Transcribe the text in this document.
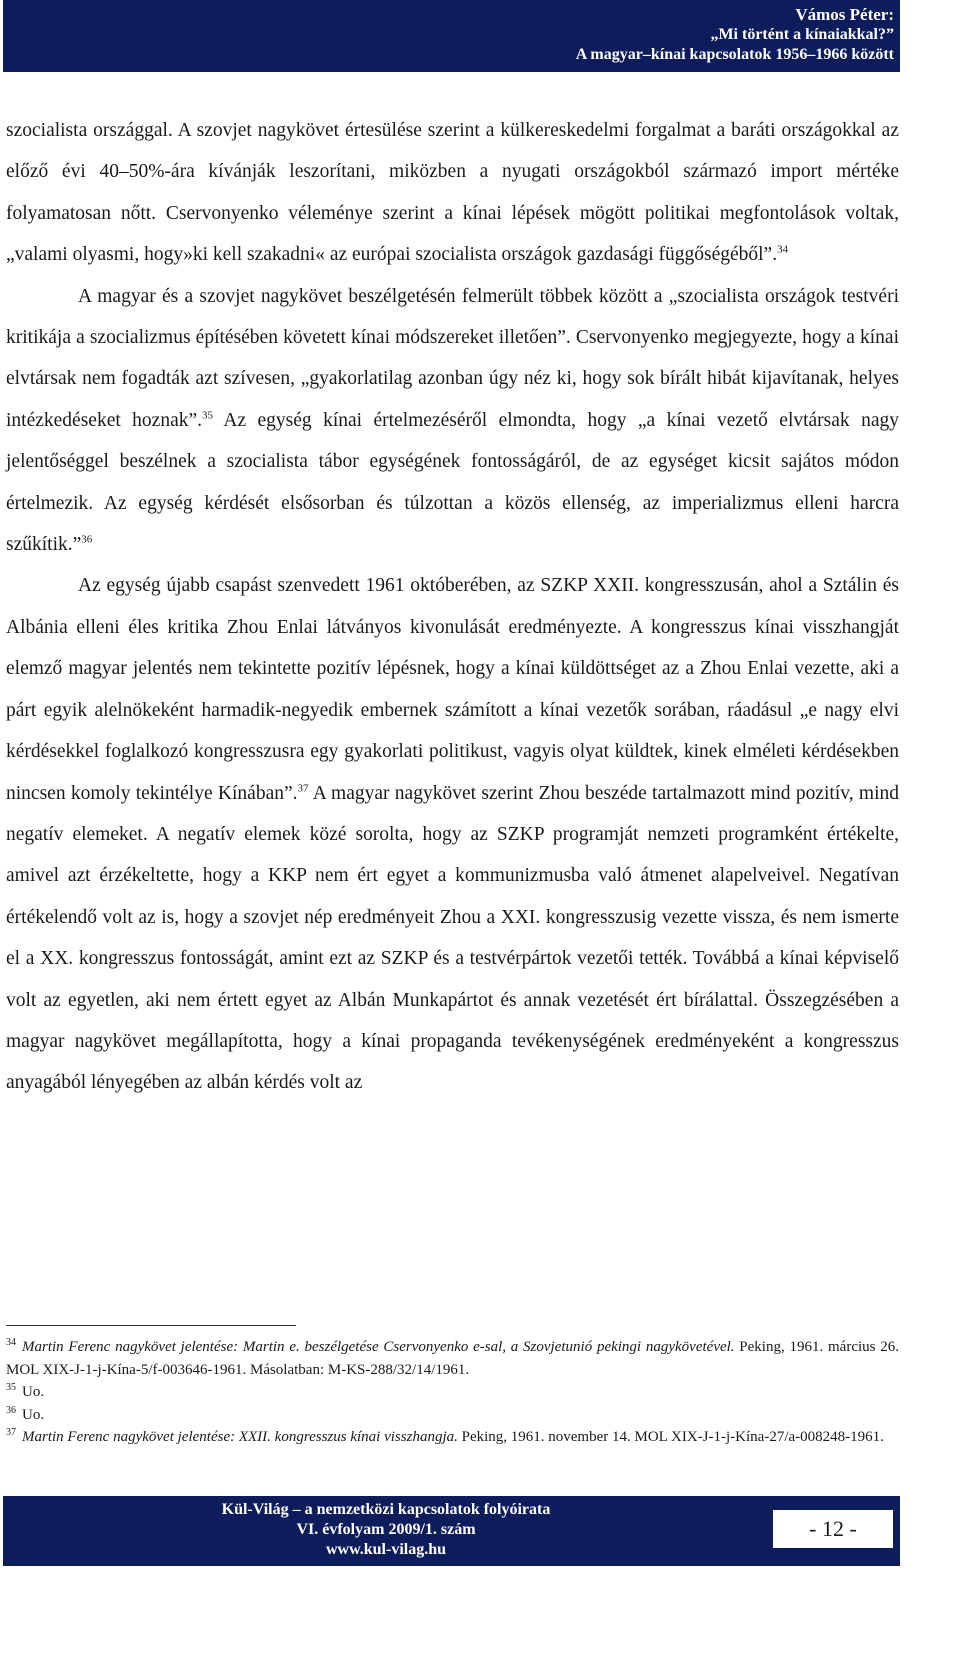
Vámos Péter:
„Mi történt a kínaiakkal?”
A magyar–kínai kapcsolatok 1956–1966 között

szocialista országgal. A szovjet nagykövet értesülése szerint a külkereskedelmi forgalmat a baráti országokkal az előző évi 40–50%-ára kívánják leszorítani, miközben a nyugati országokból származó import mértéke folyamatosan nőtt. Cservonyenko véleménye szerint a kínai lépések mögött politikai megfontolások voltak, „valami olyasmi, hogy»ki kell szakadni« az európai szocialista országok gazdasági függőségéből”.$^{34}$

A magyar és a szovjet nagykövet beszélgetésén felmerült többek között a „szocialista országok testvéri kritikája a szocializmus építésében követett kínai módszereket illetően”. Cservonyenko megjegyezte, hogy a kínai elvtársak nem fogadták azt szívesen, „gyakorlatilag azonban úgy néz ki, hogy sok bírált hibát kijavítanak, helyes intézkedéseket hoznak”.$^{35}$ Az egység kínai értelmezéséről elmondta, hogy „a kínai vezető elvtársak nagy jelentőséggel beszélnek a szocialista tábor egységének fontosságáról, de az egységet kicsit sajátos módon értelmezik. Az egység kérdését elsősorban és túlzottan a közös ellenség, az imperializmus elleni harcra szűkítik.”$^{36}$

Az egység újabb csapást szenvedett 1961 októberében, az SZKP XXII. kongresszusán, ahol a Sztálin és Albánia elleni éles kritika Zhou Enlai látványos kivonulását eredményezte. A kongresszus kínai visszhangját elemző magyar jelentés nem tekintette pozitív lépésnek, hogy a kínai küldöttséget az a Zhou Enlai vezette, aki a párt egyik alelnökeként harmadik-negyedik embernek számított a kínai vezetők sorában, ráadásul „e nagy elvi kérdésekkel foglalkozó kongresszusra egy gyakorlati politikust, vagyis olyat küldtek, kinek elméleti kérdésekben nincsen komoly tekintélye Kínában”.$^{37}$ A magyar nagykövet szerint Zhou beszéde tartalmazott mind pozitív, mind negatív elemeket. A negatív elemek közé sorolta, hogy az SZKP programját nemzeti programként értékelte, amivel azt érzékeltette, hogy a KKP nem ért egyet a kommunizmusba való átmenet alapelveivel. Negatívan értékelendő volt az is, hogy a szovjet nép eredményeit Zhou a XXI. kongresszusig vezette vissza, és nem ismerte el a XX. kongresszus fontosságát, amint ezt az SZKP és a testvérpártok vezetői tették. Továbbá a kínai képviselő volt az egyetlen, aki nem értett egyet az Albán Munkapártot és annak vezetését ért bírálattal. Összegzésében a magyar nagykövet megállapította, hogy a kínai propaganda tevékenységének eredményeként a kongresszus anyagából lényegében az albán kérdés volt az

$^{34}$ Martin Ferenc nagykövet jelentése: Martin e. beszélgetése Cservonyenko e-sal, a Szovjetunió pekingi nagykövetével. Peking, 1961. március 26. MOL XIX-J-1-j-Kína-5/f-003646-1961. Másolatban: M-KS-288/32/14/1961.

$^{35}$ Uo.

$^{36}$ Uo.

$^{37}$ Martin Ferenc nagykövet jelentése: XXII. kongresszus kínai visszhangja. Peking, 1961. november 14. MOL XIX-J-1-j-Kína-27/a-008248-1961.

Kül-Világ – a nemzetközi kapcsolatok folyóirata
VI. évfolyam 2009/1. szám
www.kul-vilag.hu
- 12 -
